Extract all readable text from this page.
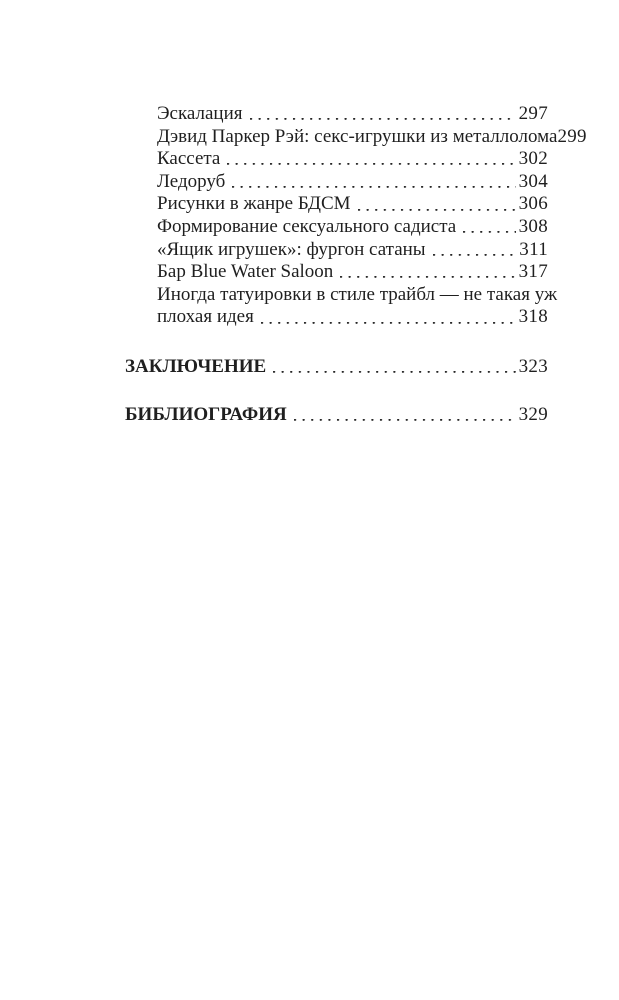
Эскалация	297
Дэвид Паркер Рэй: секс-игрушки из металлолома 299
Кассета	302
Ледоруб	304
Рисунки в жанре БДСМ	306
Формирование сексуального садиста	308
«Ящик игрушек»: фургон сатаны	311
Бар Blue Water Saloon	317
Иногда татуировки в стиле трайбл — не такая уж
плохая идея	318
ЗАКЛЮЧЕНИЕ	323
БИБЛИОГРАФИЯ	329
